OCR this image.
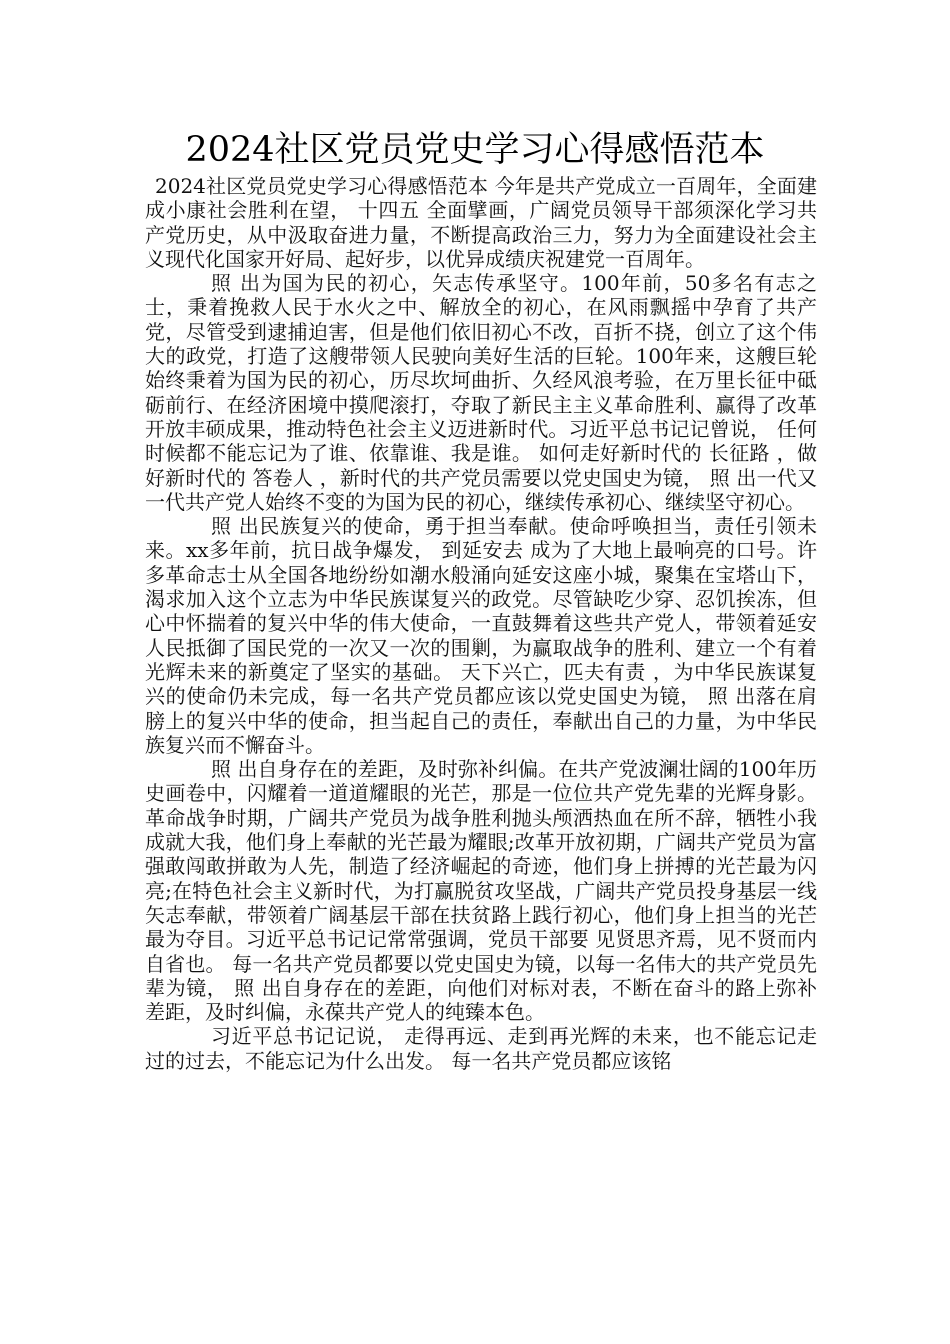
2024社区党员党史学习心得感悟范本

2024社区党员党史学习心得感悟范本 今年是共产党成立一百周年，全面建成小康社会胜利在望， 十四五 全面擘画，广阔党员领导干部须深化学习共产党历史，从中汲取奋进力量，不断提高政治三力，努力为全面建设社会主义现代化国家开好局、起好步，以优异成绩庆祝建党一百周年。

照 出为国为民的初心，矢志传承坚守。100年前，50多名有志之士，秉着挽救人民于水火之中、解放全的初心，在风雨飘摇中孕育了共产党，尽管受到逮捕迫害，但是他们依旧初心不改，百折不挠，创立了这个伟大的政党，打造了这艘带领人民驶向美好生活的巨轮。100年来，这艘巨轮始终秉着为国为民的初心，历尽坎坷曲折、久经风浪考验，在万里长征中砥砺前行、在经济困境中摸爬滚打，夺取了新民主主义革命胜利、赢得了改革开放丰硕成果，推动特色社会主义迈进新时代。习近平总书记记曾说， 任何时候都不能忘记为了谁、依靠谁、我是谁。 如何走好新时代的 长征路 ，做好新时代的 答卷人 ，新时代的共产党员需要以党史国史为镜， 照 出一代又一代共产党人始终不变的为国为民的初心，继续传承初心、继续坚守初心。

照 出民族复兴的使命，勇于担当奉献。使命呼唤担当，责任引领未来。xx多年前，抗日战争爆发， 到延安去 成为了大地上最响亮的口号。许多革命志士从全国各地纷纷如潮水般涌向延安这座小城，聚集在宝塔山下，渴求加入这个立志为中华民族谋复兴的政党。尽管缺吃少穿、忍饥挨冻，但心中怀揣着的复兴中华的伟大使命，一直鼓舞着这些共产党人，带领着延安人民抵御了国民党的一次又一次的围剿，为赢取战争的胜利、建立一个有着光辉未来的新奠定了坚实的基础。 天下兴亡，匹夫有责 ，为中华民族谋复兴的使命仍未完成，每一名共产党员都应该以党史国史为镜， 照 出落在肩膀上的复兴中华的使命，担当起自己的责任，奉献出自己的力量，为中华民族复兴而不懈奋斗。

照 出自身存在的差距，及时弥补纠偏。在共产党波澜壮阔的100年历史画卷中，闪耀着一道道耀眼的光芒，那是一位位共产党先辈的光辉身影。革命战争时期，广阔共产党员为战争胜利抛头颅洒热血在所不辞，牺牲小我成就大我，他们身上奉献的光芒最为耀眼;改革开放初期，广阔共产党员为富强敢闯敢拼敢为人先，制造了经济崛起的奇迹，他们身上拼搏的光芒最为闪亮;在特色社会主义新时代，为打赢脱贫攻坚战，广阔共产党员投身基层一线矢志奉献，带领着广阔基层干部在扶贫路上践行初心，他们身上担当的光芒最为夺目。习近平总书记记常常强调，党员干部要 见贤思齐焉，见不贤而内自省也。 每一名共产党员都要以党史国史为镜，以每一名伟大的共产党员先辈为镜， 照 出自身存在的差距，向他们对标对表，不断在奋斗的路上弥补差距，及时纠偏，永葆共产党人的纯臻本色。

习近平总书记记说， 走得再远、走到再光辉的未来，也不能忘记走过的过去，不能忘记为什么出发。 每一名共产党员都应该铭
